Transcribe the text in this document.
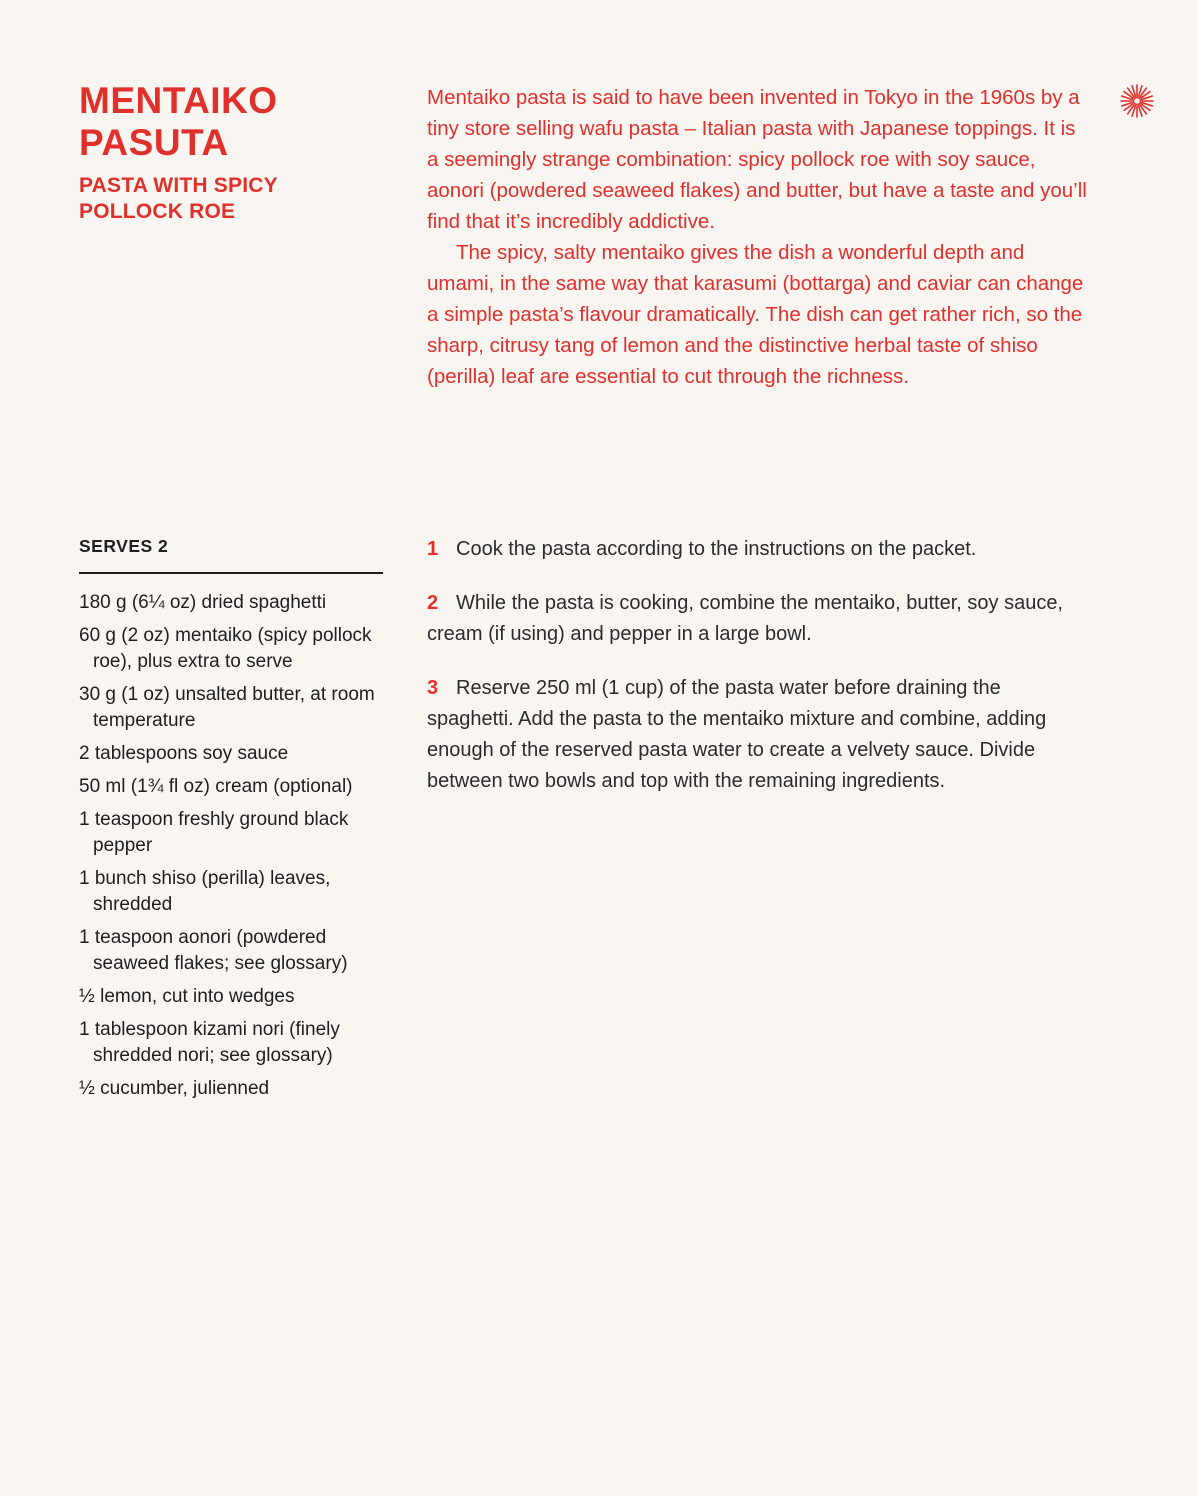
MENTAIKO
PASUTA
PASTA WITH SPICY
POLLOCK ROE

Mentaiko pasta is said to have been invented in Tokyo in the 1960s by a tiny store selling wafu pasta – Italian pasta with Japanese toppings. It is a seemingly strange combination: spicy pollock roe with soy sauce, aonori (powdered seaweed flakes) and butter, but have a taste and you’ll find that it’s incredibly addictive.

The spicy, salty mentaiko gives the dish a wonderful depth and umami, in the same way that karasumi (bottarga) and caviar can change a simple pasta’s flavour dramatically. The dish can get rather rich, so the sharp, citrusy tang of lemon and the distinctive herbal taste of shiso (perilla) leaf are essential to cut through the richness.

SERVES 2
180 g (6¼ oz) dried spaghetti
60 g (2 oz) mentaiko (spicy pollock roe), plus extra to serve
30 g (1 oz) unsalted butter, at room temperature
2 tablespoons soy sauce
50 ml (1¾ fl oz) cream (optional)
1 teaspoon freshly ground black pepper
1 bunch shiso (perilla) leaves, shredded
1 teaspoon aonori (powdered seaweed flakes; see glossary)
½ lemon, cut into wedges
1 tablespoon kizami nori (finely shredded nori; see glossary)
½ cucumber, julienned
1 Cook the pasta according to the instructions on the packet.
2 While the pasta is cooking, combine the mentaiko, butter, soy sauce, cream (if using) and pepper in a large bowl.
3 Reserve 250 ml (1 cup) of the pasta water before draining the spaghetti. Add the pasta to the mentaiko mixture and combine, adding enough of the reserved pasta water to create a velvety sauce. Divide between two bowls and top with the remaining ingredients.
